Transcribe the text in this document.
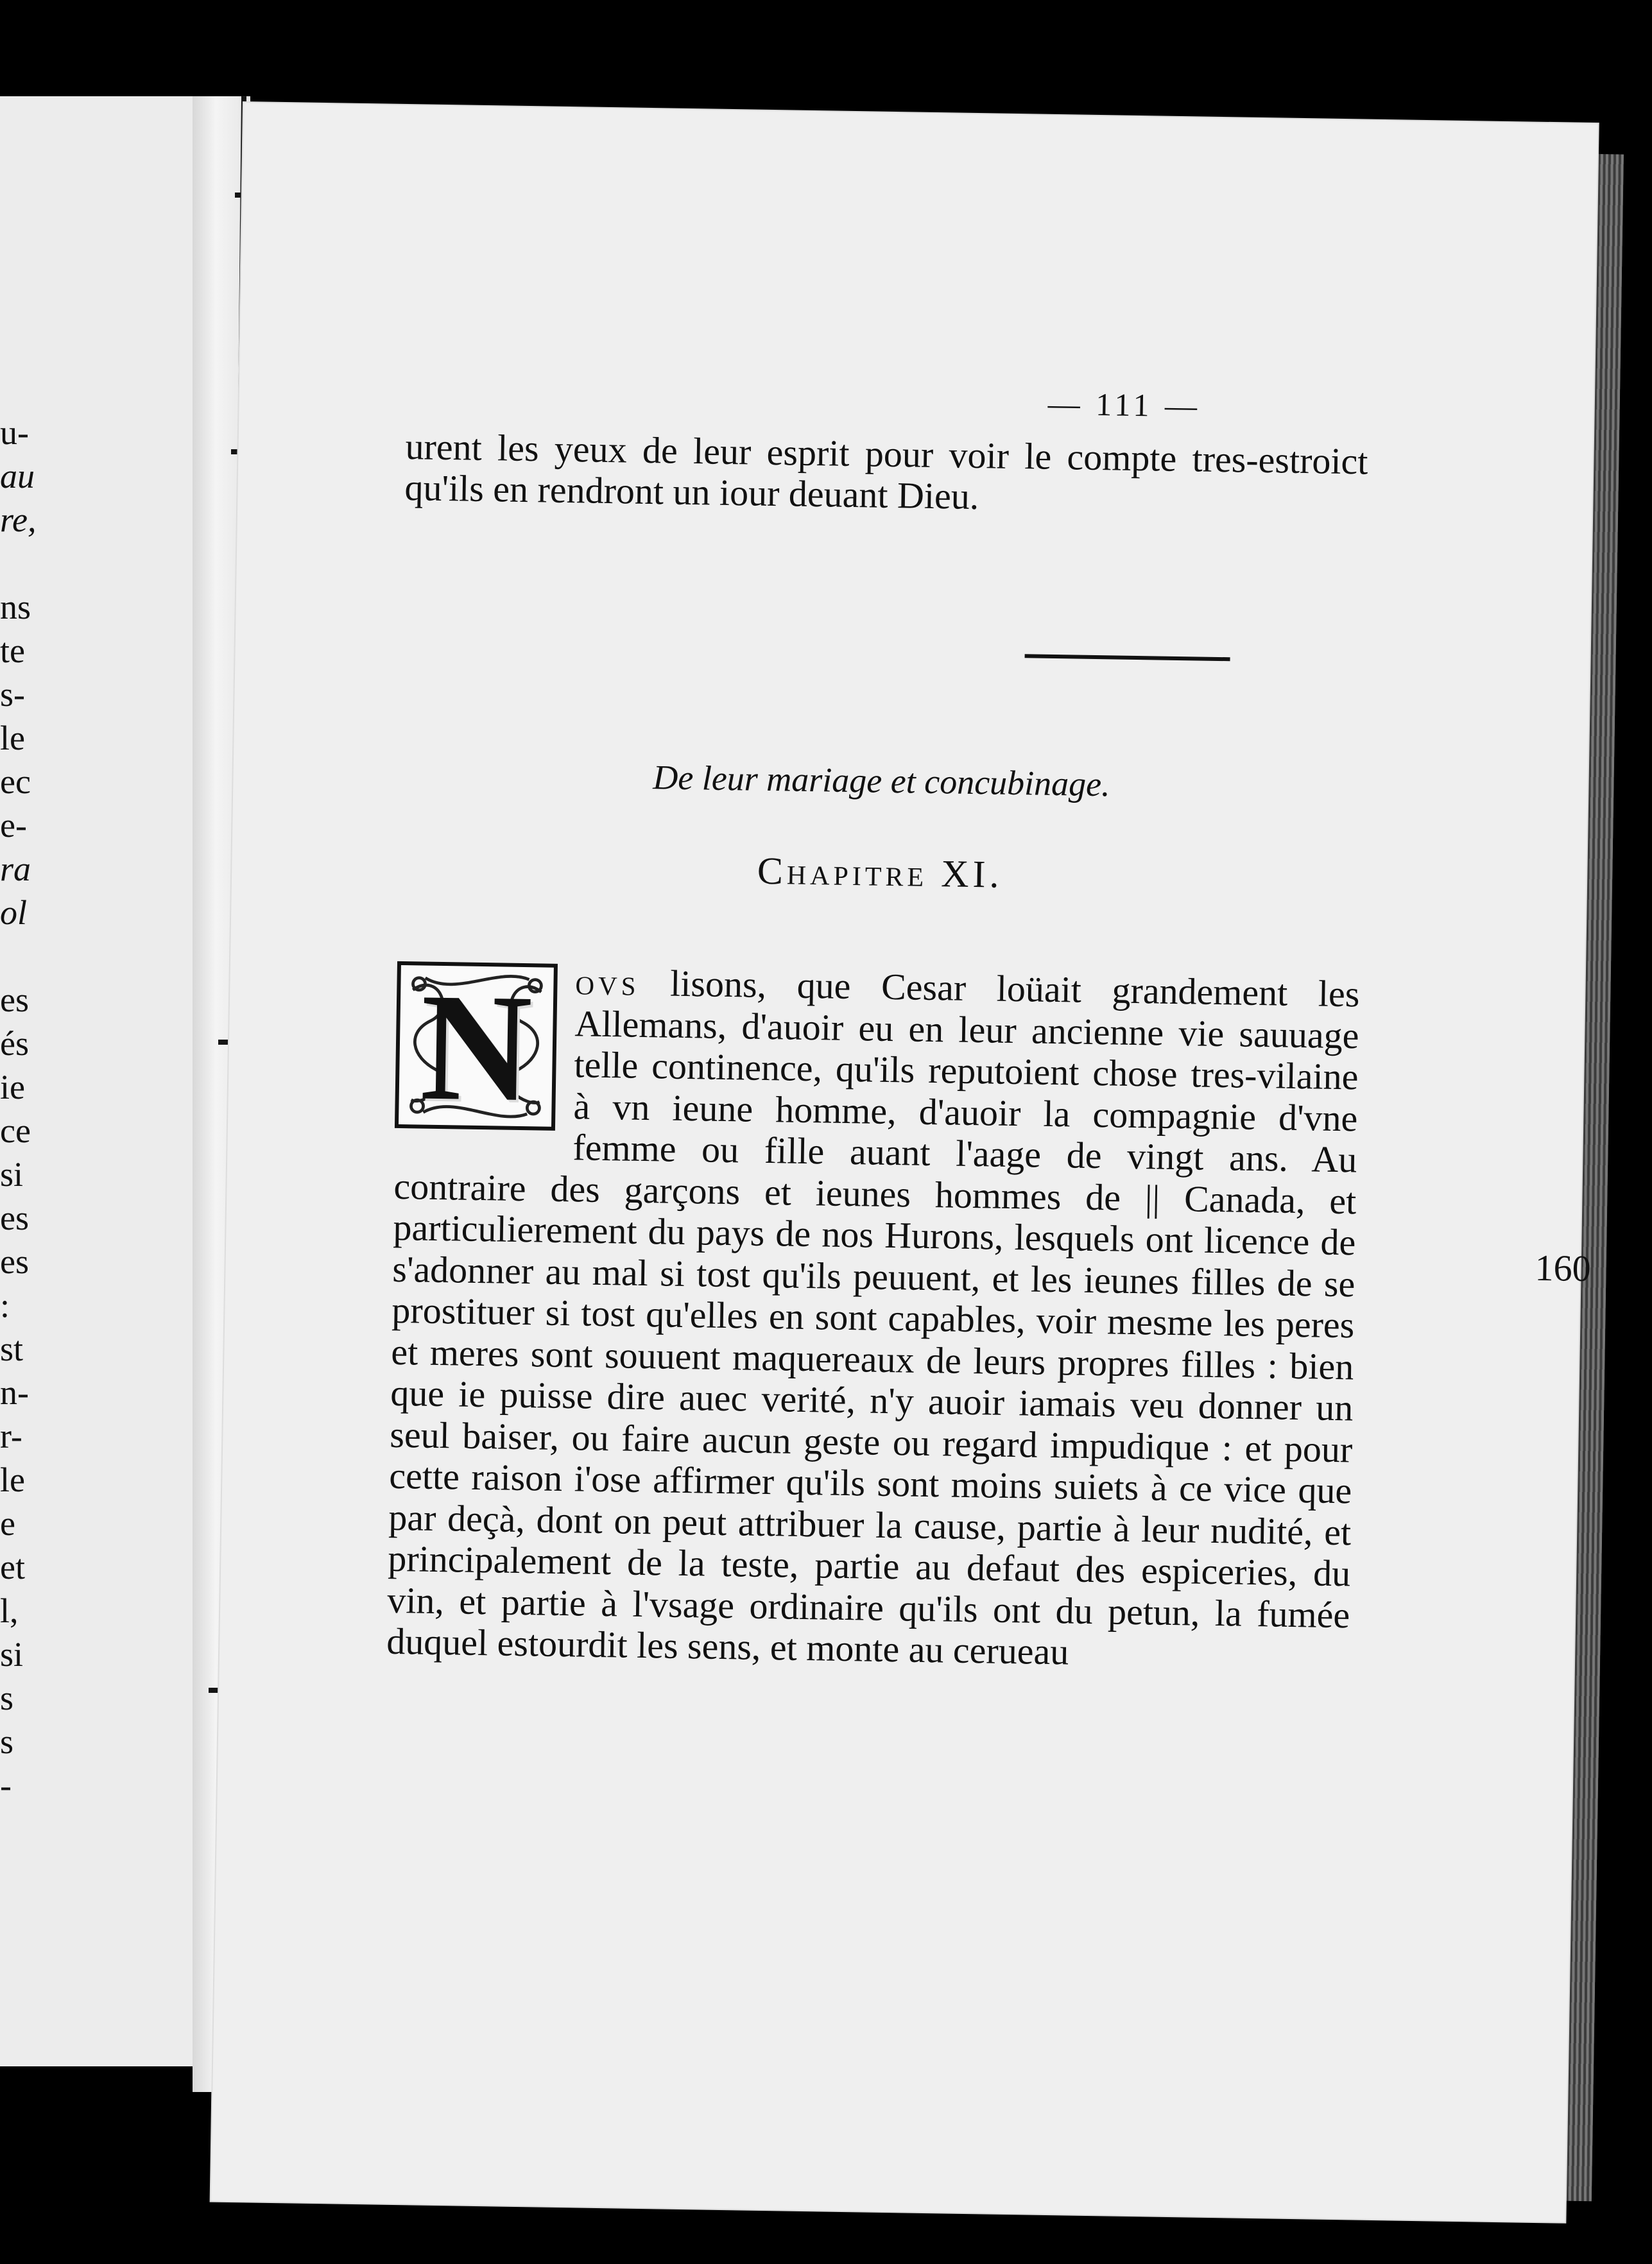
u-
au
re,
ns
te
s-
le
ec
e-
ra
ol
es
és
ie
ce
si
es
es
:
st
n-
r-
le
e
et
l,
si
s
s
-
— 111 —
urent les yeux de leur esprit pour voir le compte tres-estroict qu'ils en rendront un iour deuant Dieu.
De leur mariage et concubinage.
Chapitre XI.
N	ovs lisons, que Cesar loüait grandement les Allemans, d'auoir eu en leur ancienne vie sauuage telle continence, qu'ils reputoient chose tres-vilaine à vn ieune homme, d'auoir la compagnie d'vne femme ou fille auant l'aage de vingt ans. Au contraire des garçons et ieunes hommes de || Canada, et particulierement du pays de nos Hurons, lesquels ont licence de s'adonner au mal si tost qu'ils peuuent, et les ieunes filles de se prostituer si tost qu'elles en sont capables, voir mesme les peres et meres sont souuent maquereaux de leurs propres filles : bien que ie puisse dire auec verité, n'y auoir iamais veu donner un seul baiser, ou faire aucun geste ou regard impudique : et pour cette raison i'ose affirmer qu'ils sont moins suiets à ce vice que par deçà, dont on peut attribuer la cause, partie à leur nudité, et principalement de la teste, partie au defaut des espiceries, du vin, et partie à l'vsage ordinaire qu'ils ont du petun, la fumée duquel estourdit les sens, et monte au cerueau
160
